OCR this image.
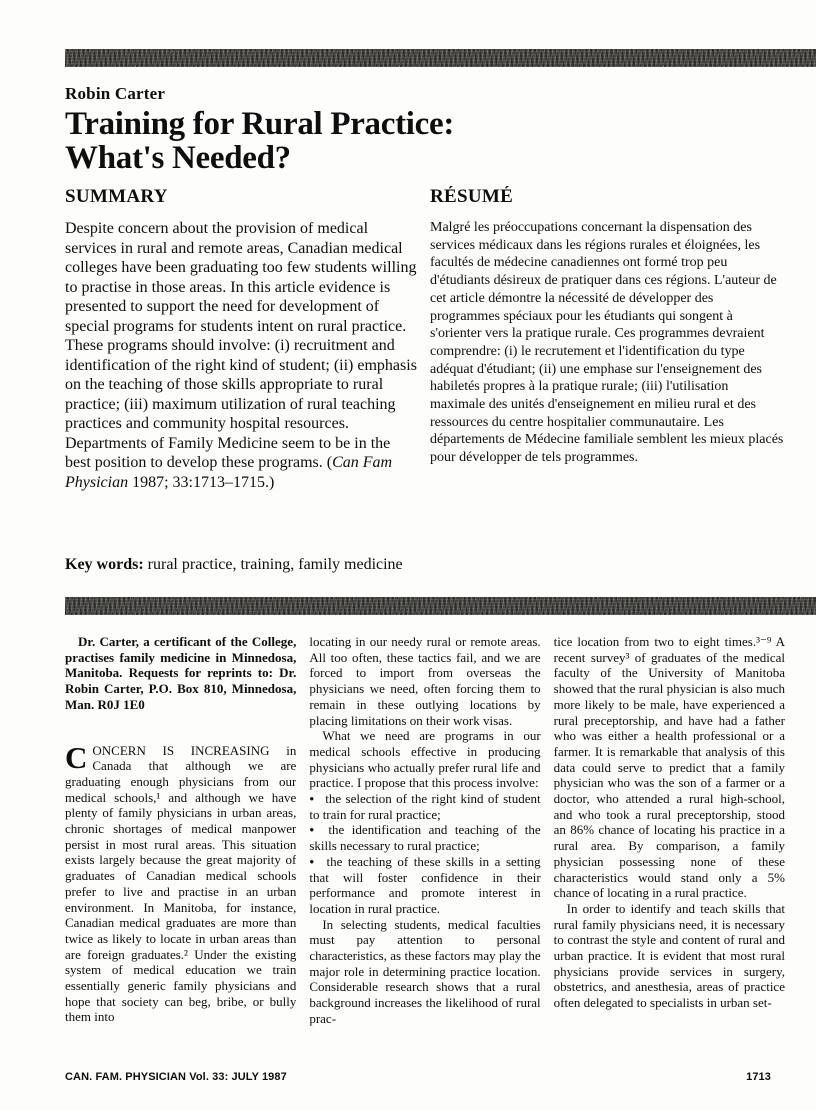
Robin Carter
Training for Rural Practice:
What's Needed?
SUMMARY

Despite concern about the provision of medical services in rural and remote areas, Canadian medical colleges have been graduating too few students willing to practise in those areas. In this article evidence is presented to support the need for development of special programs for students intent on rural practice. These programs should involve: (i) recruitment and identification of the right kind of student; (ii) emphasis on the teaching of those skills appropriate to rural practice; (iii) maximum utilization of rural teaching practices and community hospital resources. Departments of Family Medicine seem to be in the best position to develop these programs. (Can Fam Physician 1987; 33:1713–1715.)

RÉSUMÉ

Malgré les préoccupations concernant la dispensation des services médicaux dans les régions rurales et éloignées, les facultés de médecine canadiennes ont formé trop peu d'étudiants désireux de pratiquer dans ces régions. L'auteur de cet article démontre la nécessité de développer des programmes spéciaux pour les étudiants qui songent à s'orienter vers la pratique rurale. Ces programmes devraient comprendre: (i) le recrutement et l'identification du type adéquat d'étudiant; (ii) une emphase sur l'enseignement des habiletés propres à la pratique rurale; (iii) l'utilisation maximale des unités d'enseignement en milieu rural et des ressources du centre hospitalier communautaire. Les départements de Médecine familiale semblent les mieux placés pour développer de tels programmes.

Key words: rural practice, training, family medicine

Dr. Carter, a certificant of the College, practises family medicine in Minnedosa, Manitoba. Requests for reprints to: Dr. Robin Carter, P.O. Box 810, Minnedosa, Man. R0J 1E0

CONCERN IS INCREASING in Canada that although we are graduating enough physicians from our medical schools,¹ and although we have plenty of family physicians in urban areas, chronic shortages of medical manpower persist in most rural areas. This situation exists largely because the great majority of graduates of Canadian medical schools prefer to live and practise in an urban environment. In Manitoba, for instance, Canadian medical graduates are more than twice as likely to locate in urban areas than are foreign graduates.² Under the existing system of medical education we train essentially generic family physicians and hope that society can beg, bribe, or bully them into

locating in our needy rural or remote areas. All too often, these tactics fail, and we are forced to import from overseas the physicians we need, often forcing them to remain in these outlying locations by placing limitations on their work visas.

What we need are programs in our medical schools effective in producing physicians who actually prefer rural life and practice. I propose that this process involve:

● the selection of the right kind of student to train for rural practice;

● the identification and teaching of the skills necessary to rural practice;

● the teaching of these skills in a setting that will foster confidence in their performance and promote interest in location in rural practice.

In selecting students, medical faculties must pay attention to personal characteristics, as these factors may play the major role in determining practice location. Considerable research shows that a rural background increases the likelihood of rural prac-

tice location from two to eight times.³⁻⁹ A recent survey³ of graduates of the medical faculty of the University of Manitoba showed that the rural physician is also much more likely to be male, have experienced a rural preceptorship, and have had a father who was either a health professional or a farmer. It is remarkable that analysis of this data could serve to predict that a family physician who was the son of a farmer or a doctor, who attended a rural high-school, and who took a rural preceptorship, stood an 86% chance of locating his practice in a rural area. By comparison, a family physician possessing none of these characteristics would stand only a 5% chance of locating in a rural practice.

In order to identify and teach skills that rural family physicians need, it is necessary to contrast the style and content of rural and urban practice. It is evident that most rural physicians provide services in surgery, obstetrics, and anesthesia, areas of practice often delegated to specialists in urban set-

CAN. FAM. PHYSICIAN Vol. 33: JULY 1987	1713
